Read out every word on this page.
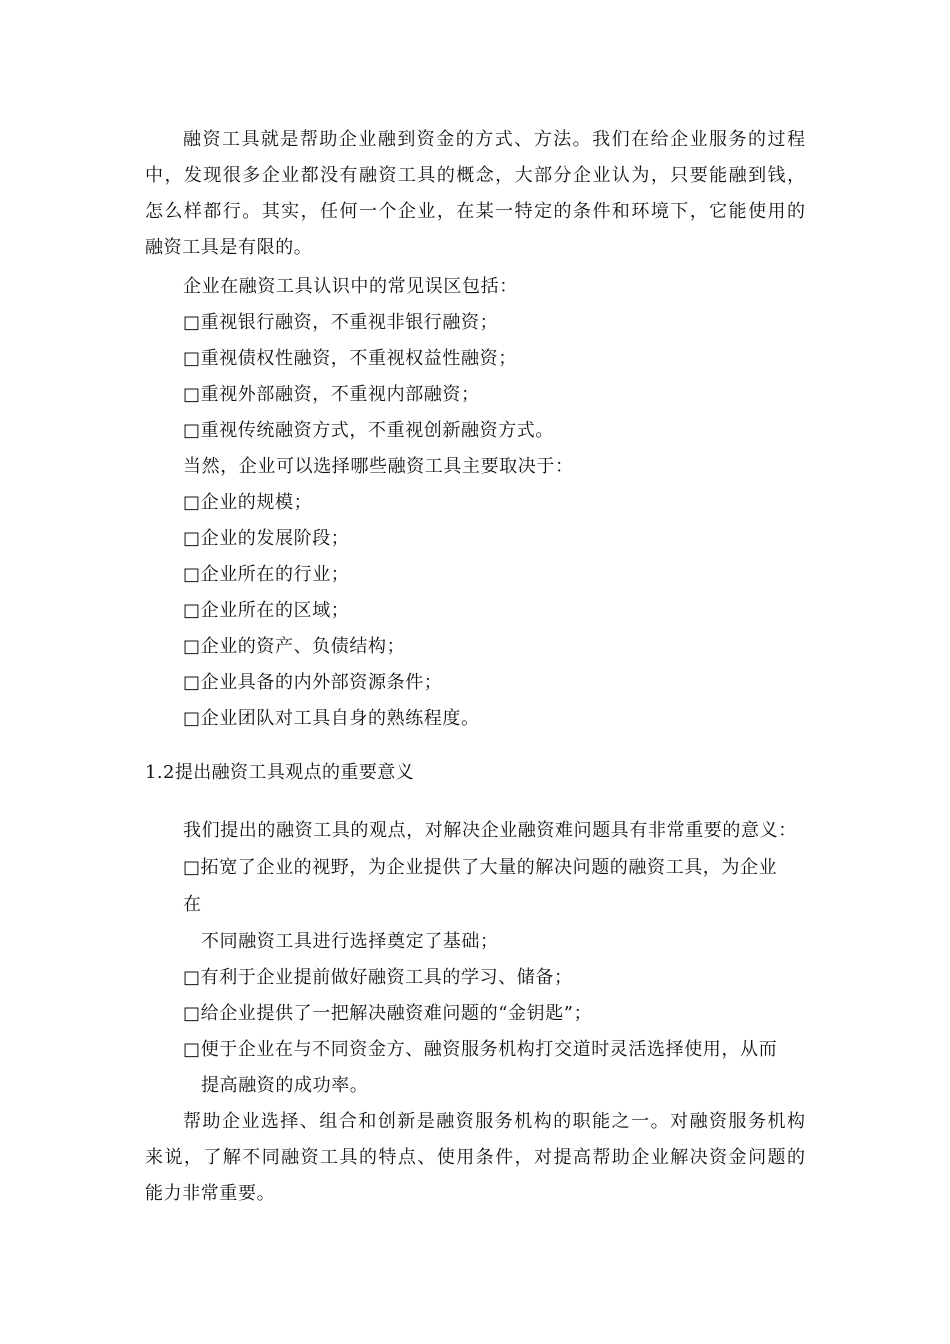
融资工具就是帮助企业融到资金的方式、方法。我们在给企业服务的过程
中，发现很多企业都没有融资工具的概念，大部分企业认为，只要能融到钱，
怎么样都行。其实，任何一个企业，在某一特定的条件和环境下，它能使用的
融资工具是有限的。
企业在融资工具认识中的常见误区包括：
□重视银行融资，不重视非银行融资；
□重视债权性融资，不重视权益性融资；
□重视外部融资，不重视内部融资；
□重视传统融资方式，不重视创新融资方式。
当然，企业可以选择哪些融资工具主要取决于：
□企业的规模；
□企业的发展阶段；
□企业所在的行业；
□企业所在的区域；
□企业的资产、负债结构；
□企业具备的内外部资源条件；
□企业团队对工具自身的熟练程度。
1.2提出融资工具观点的重要意义
我们提出的融资工具的观点，对解决企业融资难问题具有非常重要的意义：
□拓宽了企业的视野，为企业提供了大量的解决问题的融资工具，为企业
在
不同融资工具进行选择奠定了基础；
□有利于企业提前做好融资工具的学习、储备；
□给企业提供了一把解决融资难问题的“金钥匙”；
□便于企业在与不同资金方、融资服务机构打交道时灵活选择使用，从而
提高融资的成功率。
帮助企业选择、组合和创新是融资服务机构的职能之一。对融资服务机构
来说，了解不同融资工具的特点、使用条件，对提高帮助企业解决资金问题的
能力非常重要。
